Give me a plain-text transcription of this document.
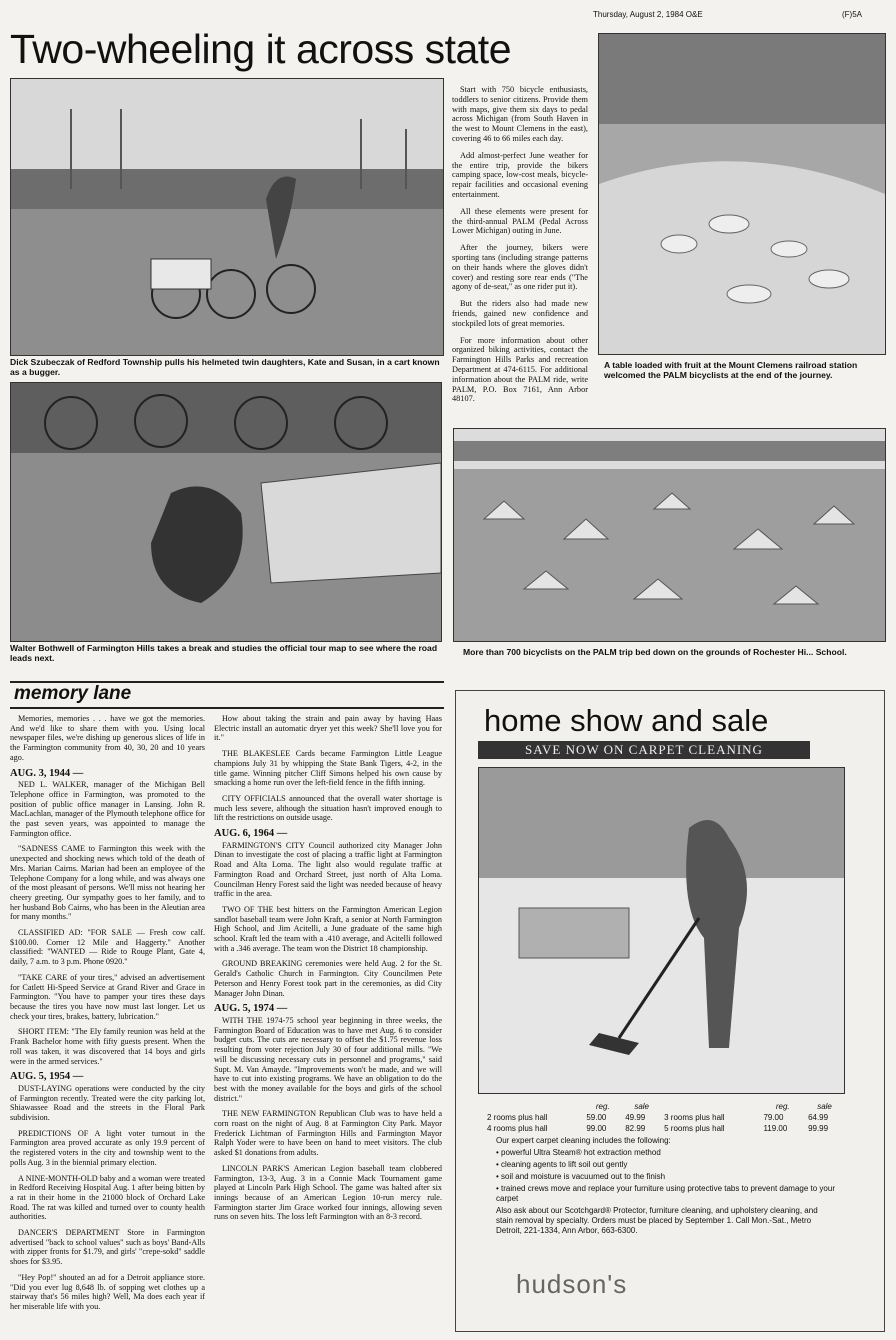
Thursday, August 2, 1984 O&E	(F)5A
Two-wheeling it across state
Dick Szubeczak of Redford Township pulls his helmeted twin daughters, Kate and Susan, in a cart known as a bugger.

Start with 750 bicycle enthusiasts, toddlers to senior citizens. Provide them with maps, give them six days to pedal across Michigan (from South Haven in the west to Mount Clemens in the east), covering 46 to 66 miles each day.

Add almost-perfect June weather for the entire trip, provide the bikers camping space, low-cost meals, bicycle-repair facilities and occasional evening entertainment.

All these elements were present for the third-annual PALM (Pedal Across Lower Michigan) outing in June.

After the journey, bikers were sporting tans (including strange patterns on their hands where the gloves didn't cover) and resting sore rear ends ("The agony of de-seat," as one rider put it).

But the riders also had made new friends, gained new confidence and stockpiled lots of great memories.

For more information about other organized biking activities, contact the Farmington Hills Parks and recreation Department at 474-6115. For additional information about the PALM ride, write PALM, P.O. Box 7161, Ann Arbor 48107.

A table loaded with fruit at the Mount Clemens railroad station welcomed the PALM bicyclists at the end of the journey.
Walter Bothwell of Farmington Hills takes a break and studies the official tour map to see where the road leads next.
More than 700 bicyclists on the PALM trip bed down on the grounds of Rochester Hi... School.
memory lane

Memories, memories . . . have we got the memories. And we'd like to share them with you. Using local newspaper files, we're dishing up generous slices of life in the Farmington community from 40, 30, 20 and 10 years ago.

AUG. 3, 1944 —

NED L. WALKER, manager of the Michigan Bell Telephone office in Farmington, was promoted to the position of public office manager in Lansing. John R. MacLachlan, manager of the Plymouth telephone office for the past seven years, was appointed to manage the Farmington office.

"SADNESS CAME to Farmington this week with the unexpected and shocking news which told of the death of Mrs. Marian Cairns. Marian had been an employee of the Telephone Company for a long while, and was always one of the most pleasant of persons. We'll miss not hearing her cheery greeting. Our sympathy goes to her family, and to her husband Bob Cairns, who has been in the Aleutian area for many months."

CLASSIFIED AD: "FOR SALE — Fresh cow calf. $100.00. Corner 12 Mile and Haggerty." Another classified: "WANTED — Ride to Rouge Plant, Gate 4, daily, 7 a.m. to 3 p.m. Phone 0920."

"TAKE CARE of your tires," advised an advertisement for Catlett Hi-Speed Service at Grand River and Grace in Farmington. "You have to pamper your tires these days because the tires you have now must last longer. Let us check your tires, brakes, battery, lubrication."

SHORT ITEM: "The Ely family reunion was held at the Frank Bachelor home with fifty guests present. When the roll was taken, it was discovered that 14 boys and girls were in the armed services."

AUG. 5, 1954 —

DUST-LAYING operations were conducted by the city of Farmington recently. Treated were the city parking lot, Shiawassee Road and the streets in the Floral Park subdivision.

PREDICTIONS OF A light voter turnout in the Farmington area proved accurate as only 19.9 percent of the registered voters in the city and township went to the polls Aug. 3 in the biennial primary election.

A NINE-MONTH-OLD baby and a woman were treated in Redford Receiving Hospital Aug. 1 after being bitten by a rat in their home in the 21000 block of Orchard Lake Road. The rat was killed and turned over to county health authorities.

DANCER'S DEPARTMENT Store in Farmington advertised "back to school values" such as boys' Band-Alls with zipper fronts for $1.79, and girls' "crepe-sokd" saddle shoes for $3.95.

"Hey Pop!" shouted an ad for a Detroit appliance store. "Did you ever lug 8,648 lb. of sopping wet clothes up a stairway that's 56 miles high? Well, Ma does each year if her miserable life with you.

How about taking the strain and pain away by having Haas Electric install an automatic dryer yet this week? She'll love you for it."

THE BLAKESLEE Cards became Farmington Little League champions July 31 by whipping the State Bank Tigers, 4-2, in the title game. Winning pitcher Cliff Simons helped his own cause by smacking a home run over the left-field fence in the fifth inning.

CITY OFFICIALS announced that the overall water shortage is much less severe, although the situation hasn't improved enough to lift the restrictions on outside usage.

AUG. 6, 1964 —

FARMINGTON'S CITY Council authorized city Manager John Dinan to investigate the cost of placing a traffic light at Farmington Road and Alta Loma. The light also would regulate traffic at Farmington Road and Orchard Street, just north of Alta Loma. Councilman Henry Forest said the light was needed because of heavy traffic in the area.

TWO OF THE best hitters on the Farmington American Legion sandlot baseball team were John Kraft, a senior at North Farmington High School, and Jim Acitelli, a June graduate of the same high school. Kraft led the team with a .410 average, and Acitelli followed with a .346 average. The team won the District 18 championship.

GROUND BREAKING ceremonies were held Aug. 2 for the St. Gerald's Catholic Church in Farmington. City Councilmen Pete Peterson and Henry Forest took part in the ceremonies, as did City Manager John Dinan.

AUG. 5, 1974 —

WITH THE 1974-75 school year beginning in three weeks, the Farmington Board of Education was to have met Aug. 6 to consider budget cuts. The cuts are necessary to offset the $1.75 revenue loss resulting from voter rejection July 30 of four additional mills. "We will be discussing necessary cuts in personnel and programs," said Supt. M. Van Amayde. "Improvements won't be made, and we will have to cut into existing programs. We have an obligation to do the best with the money available for the boys and girls of the school district."

THE NEW FARMINGTON Republican Club was to have held a corn roast on the night of Aug. 8 at Farmington City Park. Mayor Frederick Lichtman of Farmington Hills and Farmington Mayor Ralph Yoder were to have been on hand to meet visitors. The club asked $1 donations from adults.

LINCOLN PARK'S American Legion baseball team clobbered Farmington, 13-3, Aug. 3 in a Connie Mack Tournament game played at Lincoln Park High School. The game was halted after six innings because of an American Legion 10-run mercy rule. Farmington starter Jim Grace worked four innings, allowing seven runs on seven hits. The loss left Farmington with an 8-3 record.

home show and sale
SAVE NOW ON CARPET CLEANING
	reg.	sale		reg.	sale
2 rooms plus hall	59.00	49.99	3 rooms plus hall	79.00	64.99
4 rooms plus hall	99.00	82.99	5 rooms plus hall	119.00	99.99

Our expert carpet cleaning includes the following:

• powerful Ultra Steam® hot extraction method

• cleaning agents to lift soil out gently

• soil and moisture is vacuumed out to the finish

• trained crews move and replace your furniture using protective tabs to prevent damage to your carpet

Also ask about our Scotchgard® Protector, furniture cleaning, and upholstery cleaning, and stain removal by specialty. Orders must be placed by September 1. Call Mon.-Sat., Metro Detroit, 221-1334, Ann Arbor, 663-6300.

hudson's
